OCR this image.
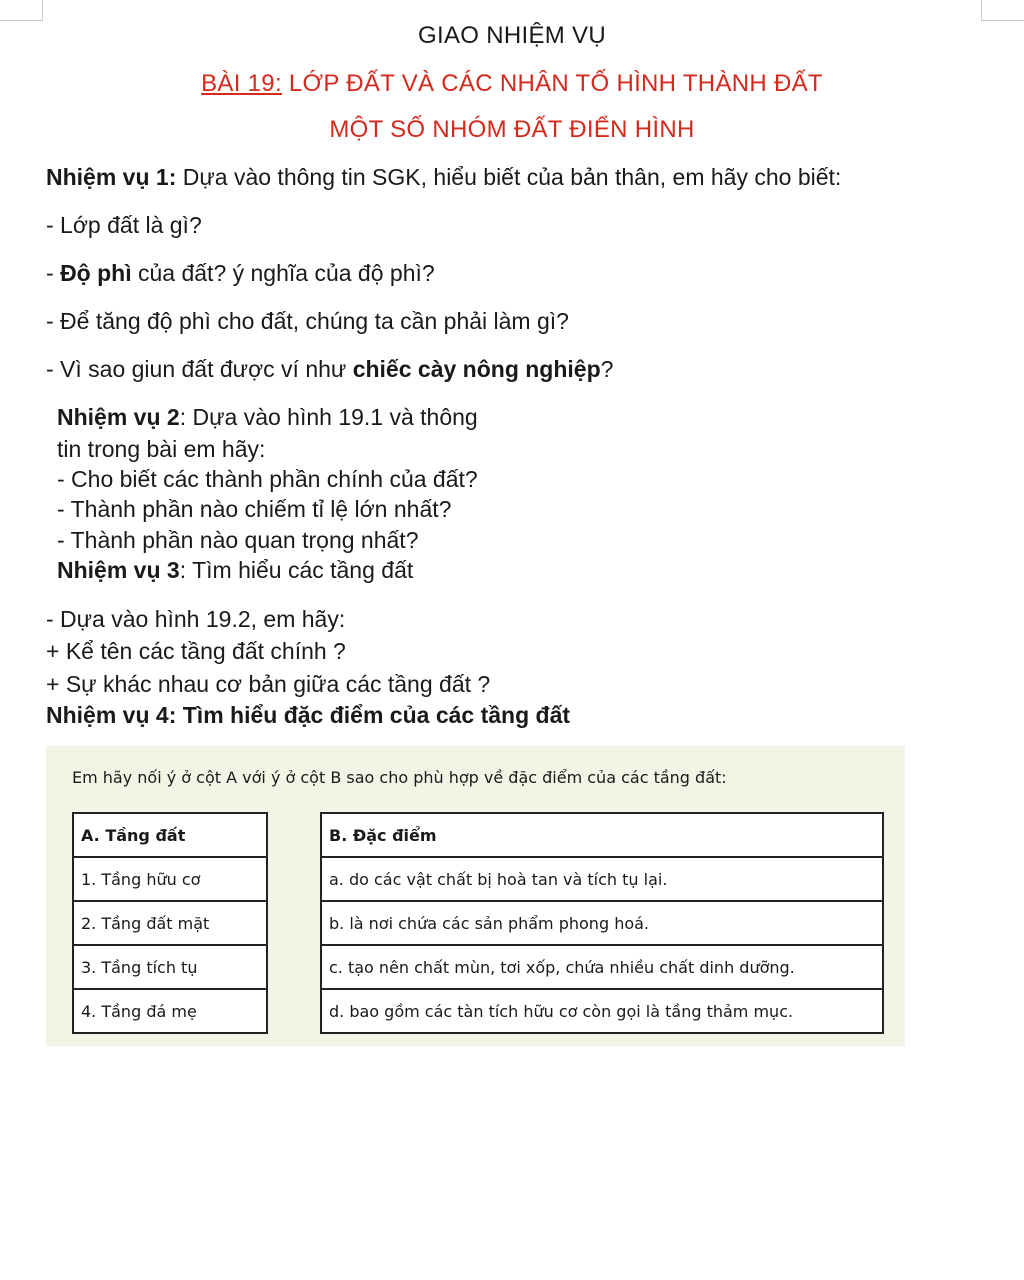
GIAO NHIỆM VỤ
BÀI 19: LỚP ĐẤT VÀ CÁC NHÂN TỐ HÌNH THÀNH ĐẤT
MỘT SỐ NHÓM ĐẤT ĐIỂN HÌNH
Nhiệm vụ 1: Dựa vào thông tin SGK, hiểu biết của bản thân, em hãy cho biết:
- Lớp đất là gì?
- Độ phì của đất? ý nghĩa của độ phì?
- Để tăng độ phì cho đất, chúng ta cần phải làm gì?
- Vì sao giun đất được ví như chiếc cày nông nghiệp?
Nhiệm vụ 2: Dựa vào hình 19.1 và thông
tin trong bài em hãy:
- Cho biết các thành phần chính của đất?
- Thành phần nào chiếm tỉ lệ lớn nhất?
- Thành phần nào quan trọng nhất?
Nhiệm vụ 3: Tìm hiểu các tầng đất
- Dựa vào hình 19.2, em hãy:
+ Kể tên các tầng đất chính ?
+ Sự khác nhau cơ bản giữa các tầng đất ?
Nhiệm vụ 4: Tìm hiểu đặc điểm của các tầng đất
Em hãy nối ý ở cột A với ý ở cột B sao cho phù hợp về đặc điểm của các tầng đất:
A. Tầng đất	B. Đặc điểm
1. Tầng hữu cơ	a. do các vật chất bị hoà tan và tích tụ lại.
2. Tầng đất mặt	b. là nơi chứa các sản phẩm phong hoá.
3. Tầng tích tụ	c. tạo nên chất mùn, tơi xốp, chứa nhiều chất dinh dưỡng.
4. Tầng đá mẹ	d. bao gồm các tàn tích hữu cơ còn gọi là tầng thảm mục.
